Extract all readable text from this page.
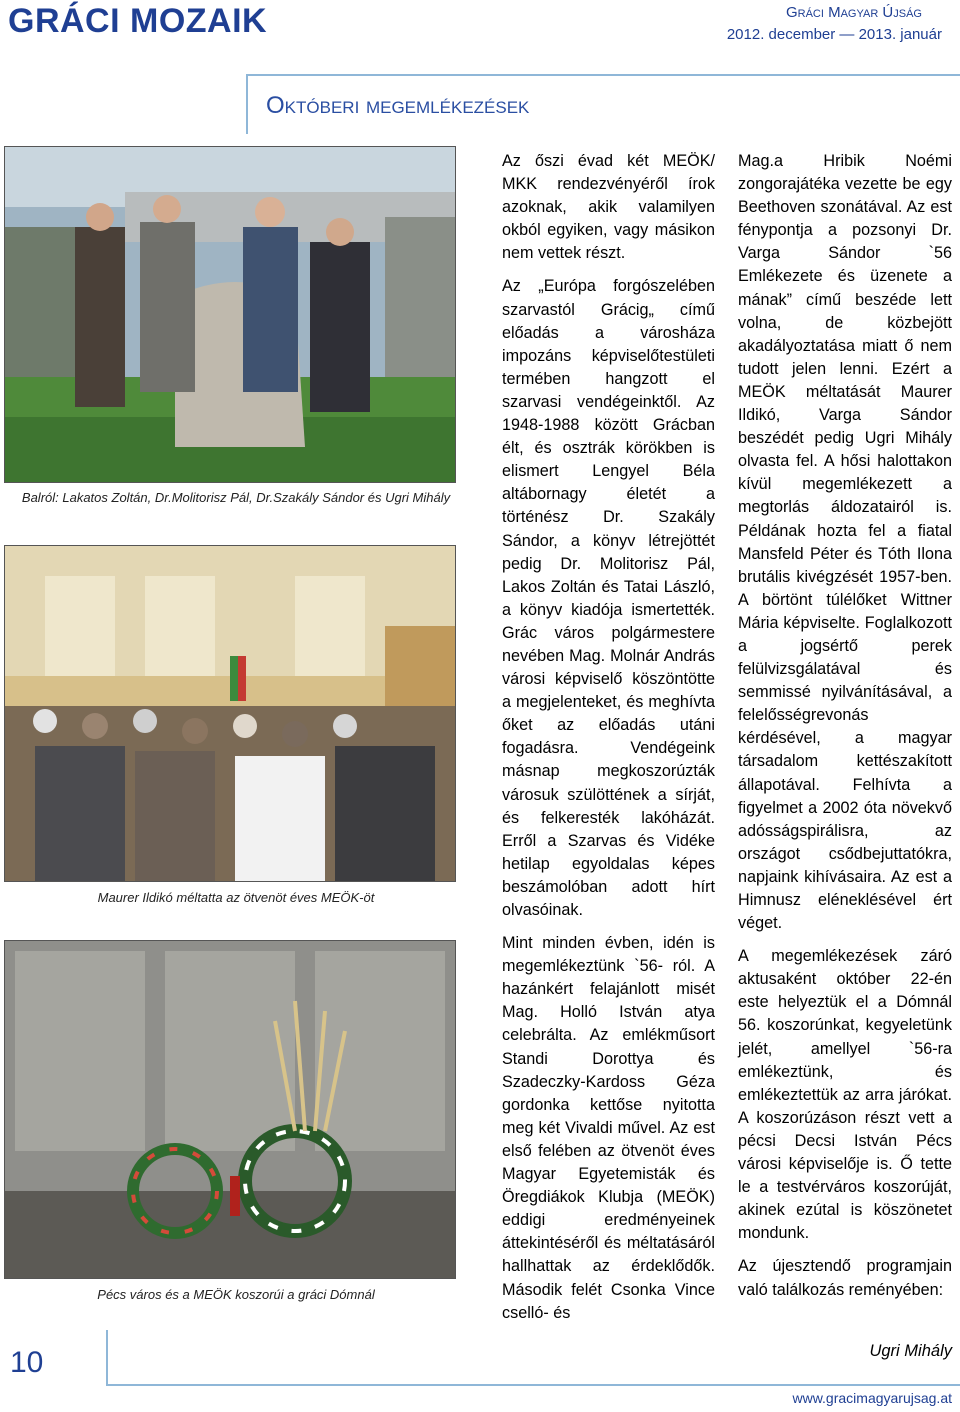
GRÁCI MOZAIK	Gráci Magyar Újság
2012. december — 2013. január
Októberi megemlékezések
Balról: Lakatos Zoltán, Dr.Molitorisz Pál, Dr.Szakály Sándor és Ugri Mihály
Maurer Ildikó méltatta az ötvenöt éves MEÖK-öt
Pécs város és a MEÖK koszorúi a gráci Dómnál

Az őszi évad két MEÖK/ MKK rendezvényéről írok azoknak, akik valamilyen okból egyiken, vagy másikon nem vettek részt.

Az „Európa forgószelében szarvastól Grácig„ című előadás a városháza impozáns képviselőtestületi termében hangzott el szarvasi vendégeinktől. Az 1948-1988 között Grácban élt, és osztrák körökben is elismert Lengyel Béla altábornagy életét a történész Dr. Szakály Sándor, a könyv létrejöttét pedig Dr. Molitorisz Pál, Lakos Zoltán és Tatai László, a könyv kiadója ismertették. Grác város polgármestere nevében Mag. Molnár András városi képviselő köszöntötte a megjelenteket, és meghívta őket az előadás utáni fogadásra. Vendégeink másnap megkoszorúzták városuk szülöttének a sírját, és felkeresték lakóházát. Erről a Szarvas és Vidéke hetilap egyoldalas képes beszámolóban adott hírt olvasóinak.

Mint minden évben, idén is megemlékeztünk `56- ról. A hazánkért felajánlott misét Mag. Holló István atya celebrálta. Az emlékműsort Standi Dorottya és Szadeczky-Kardoss Géza gordonka kettőse nyitotta meg két Vivaldi művel. Az est első felében az ötvenöt éves Magyar Egyetemisták és Öregdiákok Klubja (MEÖK) eddigi eredményeinek áttekintéséről és méltatásáról hallhattak az érdeklődők. Második felét Csonka Vince cselló- és

Mag.a Hribik Noémi zongorajátéka vezette be egy Beethoven szonátával. Az est fénypontja a pozsonyi Dr. Varga Sándor `56 Emlékezete és üzenete a mának” című beszéde lett volna, de közbejött akadályoztatása miatt ő nem tudott jelen lenni. Ezért a MEÖK méltatását Maurer Ildikó, Varga Sándor beszédét pedig Ugri Mihály olvasta fel. A hősi halottakon kívül megemlékezett a megtorlás áldozatairól is. Példának hozta fel a fiatal Mansfeld Péter és Tóth Ilona brutális kivégzését 1957-ben. A börtönt túlélőket Wittner Mária képviselte. Foglalkozott a jogsértő perek felülvizsgálatával és semmissé nyilvánításával, a felelősségrevonás kérdésével, a magyar társadalom kettészakított állapotával. Felhívta a figyelmet a 2002 óta növekvő adósságspirálisra, az országot csődbejuttatókra, napjaink kihívásaira. Az est a Himnusz eléneklésével ért véget.

A megemlékezések záró aktusaként október 22-én este helyeztük el a Dómnál 56. koszorúnkat, kegyeletünk jelét, amellyel `56-ra emlékeztünk, és emlékeztettük az arra járókat. A koszorúzáson részt vett a pécsi Decsi István Pécs városi képviselője is. Ő tette le a testvérváros koszorúját, akinek ezútal is köszönetet mondunk.

Az újesztendő programjain való találkozás reményében:

Ugri Mihály
10
www.gracimagyarujsag.at
